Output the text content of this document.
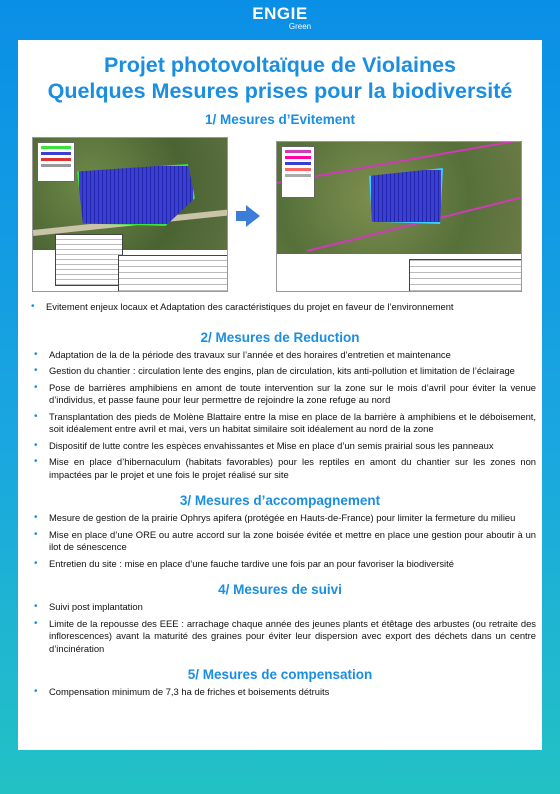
ENGIE
Green
Projet photovoltaïque de Violaines
Quelques Mesures prises pour la biodiversité
1/ Mesures d’Evitement
• Evitement enjeux locaux et Adaptation des caractéristiques du projet en faveur de l’environnement
2/ Mesures de Reduction
• Adaptation de la de la période des travaux sur l’année et des horaires d’entretien et maintenance
• Gestion du chantier : circulation lente des engins, plan de circulation, kits anti-pollution et limitation de l’éclairage
• Pose de barrières amphibiens en amont de toute intervention sur la zone sur le mois d’avril pour éviter la venue d’individus, et passe faune pour leur permettre de rejoindre la zone refuge au nord
• Transplantation des pieds de Molène Blattaire entre la mise en place de la barrière à amphibiens et le déboisement, soit idéalement entre avril et mai, vers un habitat similaire soit idéalement au nord de la zone
• Dispositif de lutte contre les espèces envahissantes et Mise en place d’un semis prairial sous les panneaux
• Mise en place d’hibernaculum (habitats favorables) pour les reptiles en amont du chantier sur les zones non impactées par le projet et une fois le projet réalisé sur site
3/ Mesures d’accompagnement
• Mesure de gestion de la prairie Ophrys apifera (protégée en Hauts-de-France) pour limiter la fermeture du milieu
• Mise en place d’une ORE ou autre accord sur la zone boisée évitée et mettre en place une gestion pour aboutir à un ilot de sénescence
• Entretien du site : mise en place d’une fauche tardive une fois par an pour favoriser la biodiversité
4/ Mesures de suivi
• Suivi post implantation
• Limite de la repousse des EEE : arrachage chaque année des jeunes plants et étêtage des arbustes (ou retraite des inflorescences) avant la maturité des graines pour éviter leur dispersion avec export des déchets dans un centre d’incinération
5/ Mesures de compensation
• Compensation minimum de 7,3 ha de friches et boisements détruits
